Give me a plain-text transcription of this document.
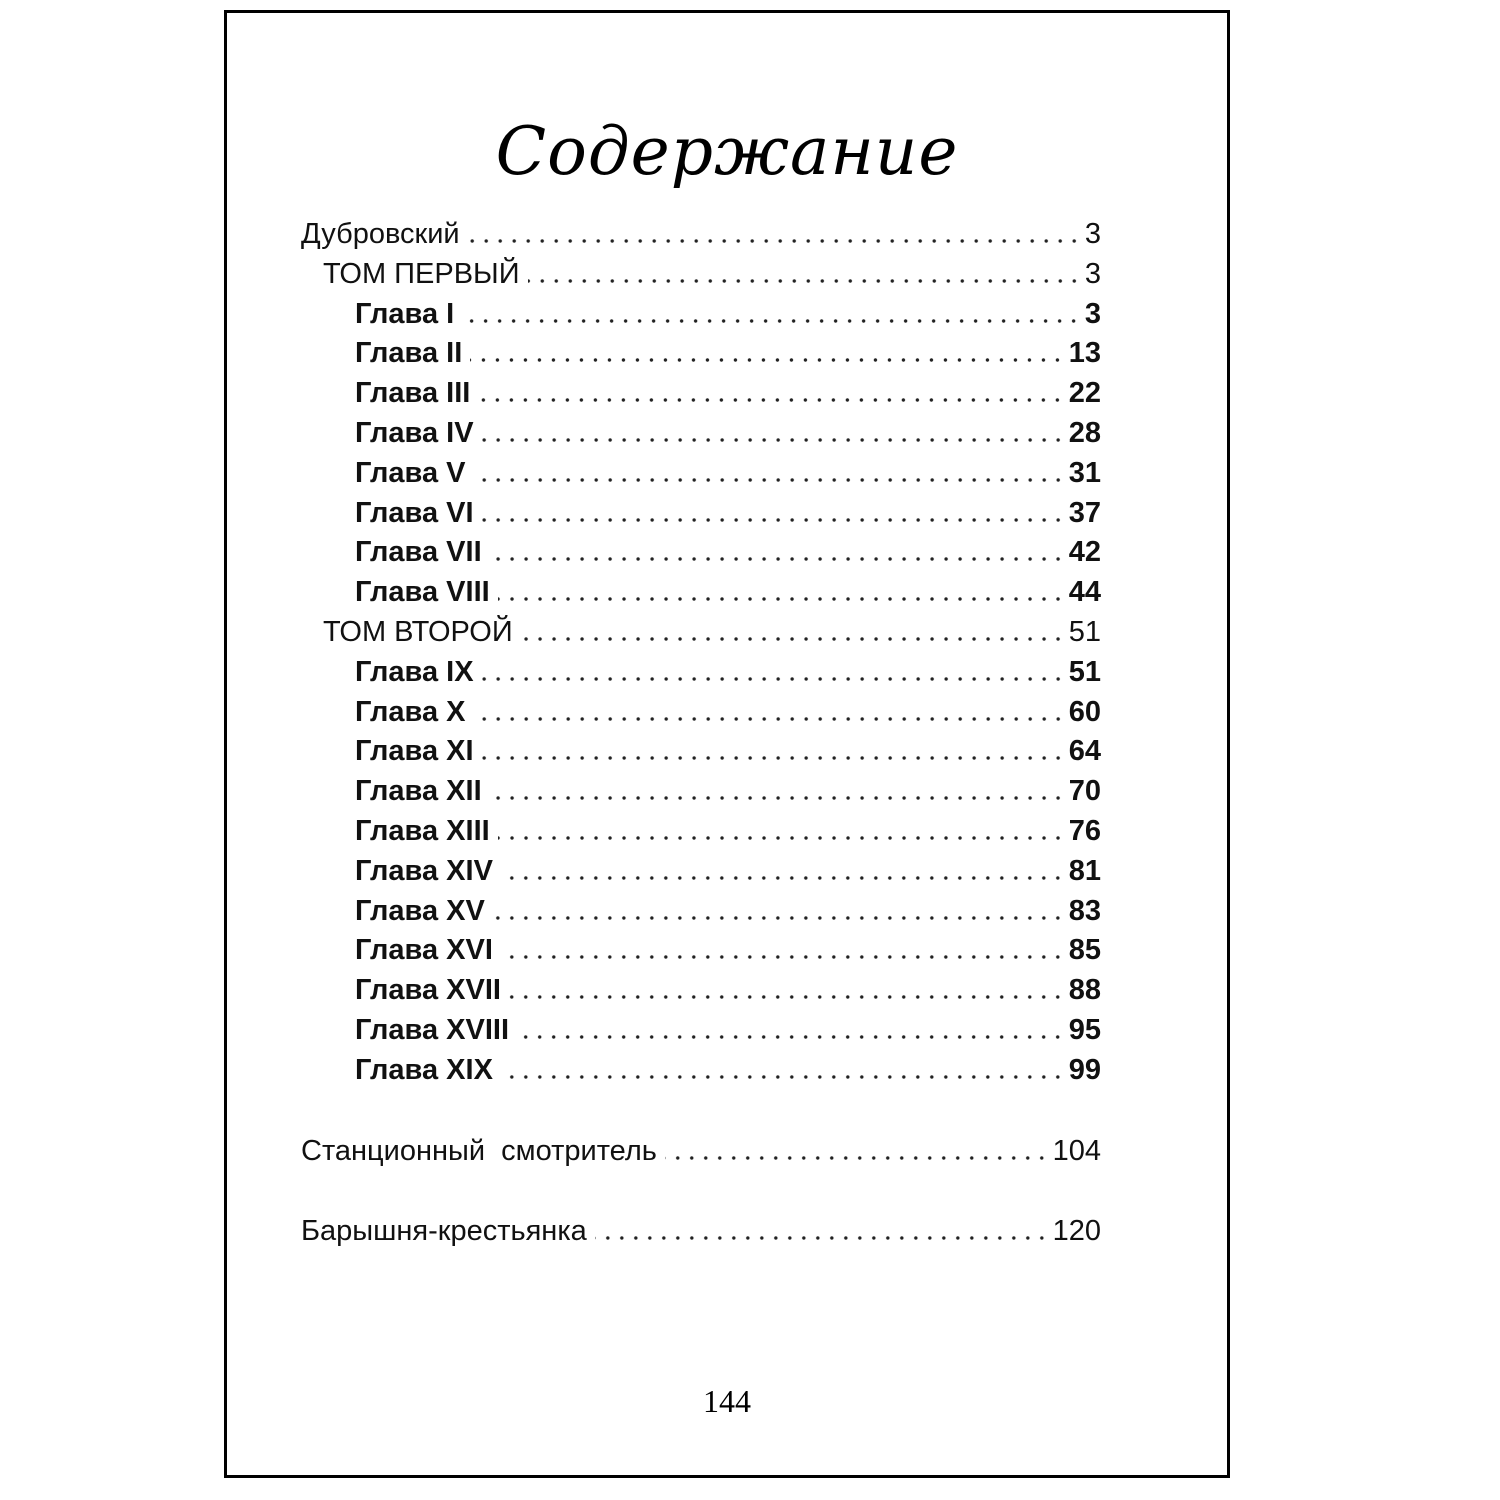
Содержание
Дубровский	3
ТОМ ПЕРВЫЙ	3
Глава I	3
Глава II	13
Глава III	22
Глава IV	28
Глава V	31
Глава VI	37
Глава VII	42
Глава VIII	44
ТОМ ВТОРОЙ	51
Глава IX	51
Глава X	60
Глава XI	64
Глава XII	70
Глава XIII	76
Глава XIV	81
Глава XV	83
Глава XVI	85
Глава XVII	88
Глава XVIII	95
Глава XIX	99
Станционный  смотритель	104
Барышня-крестьянка	120
144
